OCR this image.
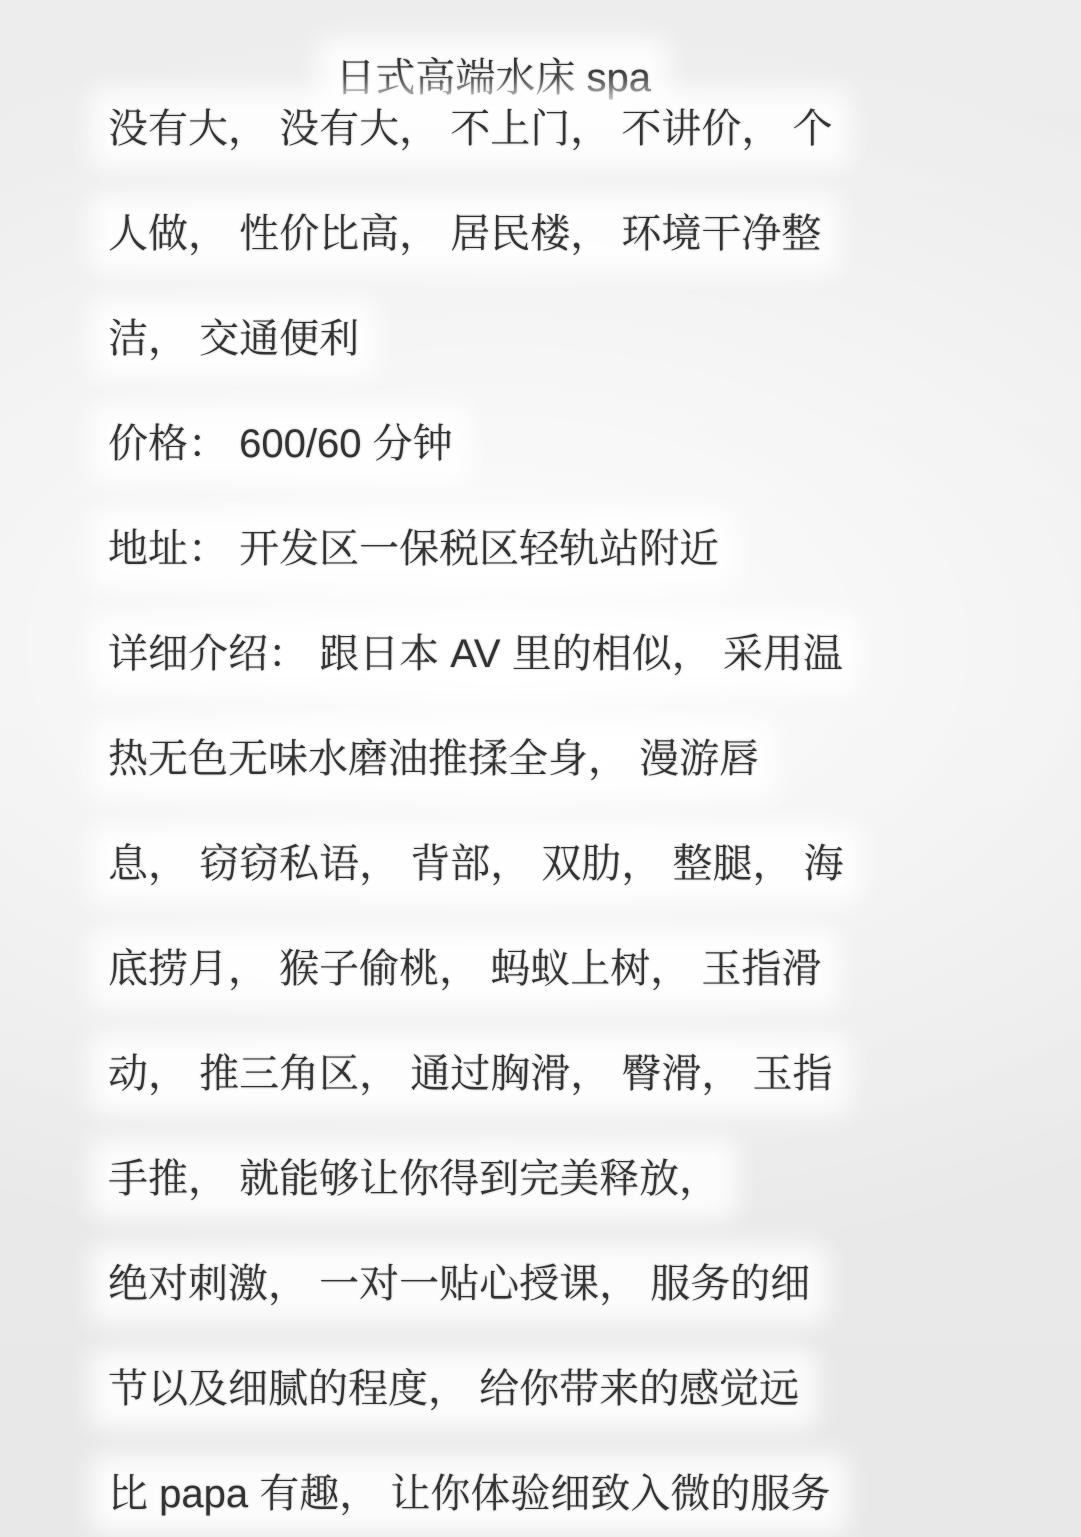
日式高端水床 spa

没有大， 没有大， 不上门， 不讲价， 个
人做， 性价比高， 居民楼， 环境干净整
洁， 交通便利
价格： 600/60 分钟
地址： 开发区一保税区轻轨站附近
详细介绍： 跟日本 AV 里的相似， 采用温
热无色无味水磨油推揉全身， 漫游唇
息， 窃窃私语， 背部， 双肋， 整腿， 海
底捞月， 猴子偷桃， 蚂蚁上树， 玉指滑
动， 推三角区， 通过胸滑， 臀滑， 玉指
手推， 就能够让你得到完美释放，
绝对刺激， 一对一贴心授课， 服务的细
节以及细腻的程度， 给你带来的感觉远
比 papa 有趣， 让你体验细致入微的服务
